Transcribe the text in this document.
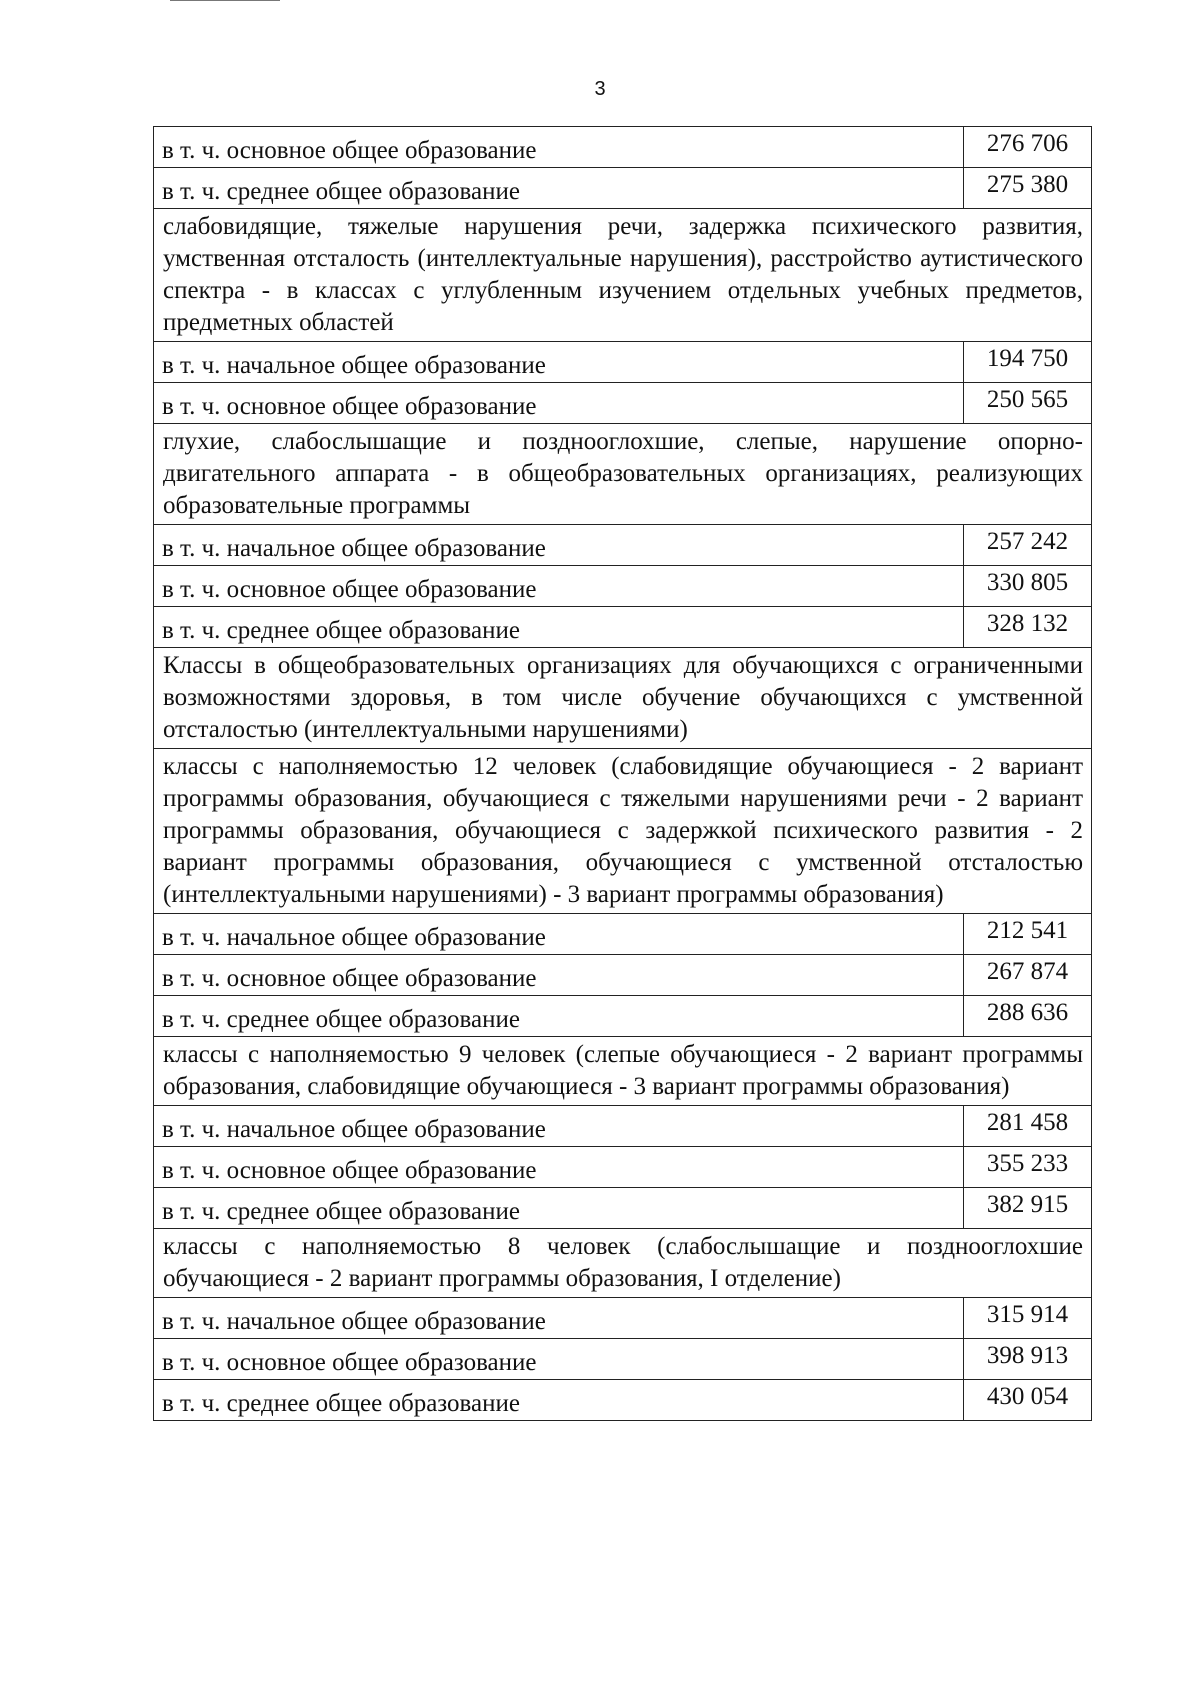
3
в т. ч. основное общее образование	276 706
в т. ч. среднее общее образование	275 380
слабовидящие, тяжелые нарушения речи, задержка психического развития, умственная отсталость (интеллектуальные нарушения), расстройство аутистического спектра - в классах с углубленным изучением отдельных учебных предметов, предметных областей	
в т. ч. начальное общее образование	194 750
в т. ч. основное общее образование	250 565
глухие, слабослышащие и позднооглохшие, слепые, нарушение опорно-двигательного аппарата - в общеобразовательных организациях, реализующих образовательные программы	
в т. ч. начальное общее образование	257 242
в т. ч. основное общее образование	330 805
в т. ч. среднее общее образование	328 132
Классы в общеобразовательных организациях для обучающихся с ограниченными возможностями здоровья, в том числе обучение обучающихся с умственной отсталостью (интеллектуальными нарушениями)	
классы с наполняемостью 12 человек (слабовидящие обучающиеся - 2 вариант программы образования, обучающиеся с тяжелыми нарушениями речи - 2 вариант программы образования, обучающиеся с задержкой психического развития - 2 вариант программы образования, обучающиеся с умственной отсталостью (интеллектуальными нарушениями) - 3 вариант программы образования)	
в т. ч. начальное общее образование	212 541
в т. ч. основное общее образование	267 874
в т. ч. среднее общее образование	288 636
классы с наполняемостью 9 человек (слепые обучающиеся - 2 вариант программы образования, слабовидящие обучающиеся - 3 вариант программы образования)	
в т. ч. начальное общее образование	281 458
в т. ч. основное общее образование	355 233
в т. ч. среднее общее образование	382 915
классы с наполняемостью 8 человек (слабослышащие и позднооглохшие обучающиеся - 2 вариант программы образования, I отделение)	
в т. ч. начальное общее образование	315 914
в т. ч. основное общее образование	398 913
в т. ч. среднее общее образование	430 054
